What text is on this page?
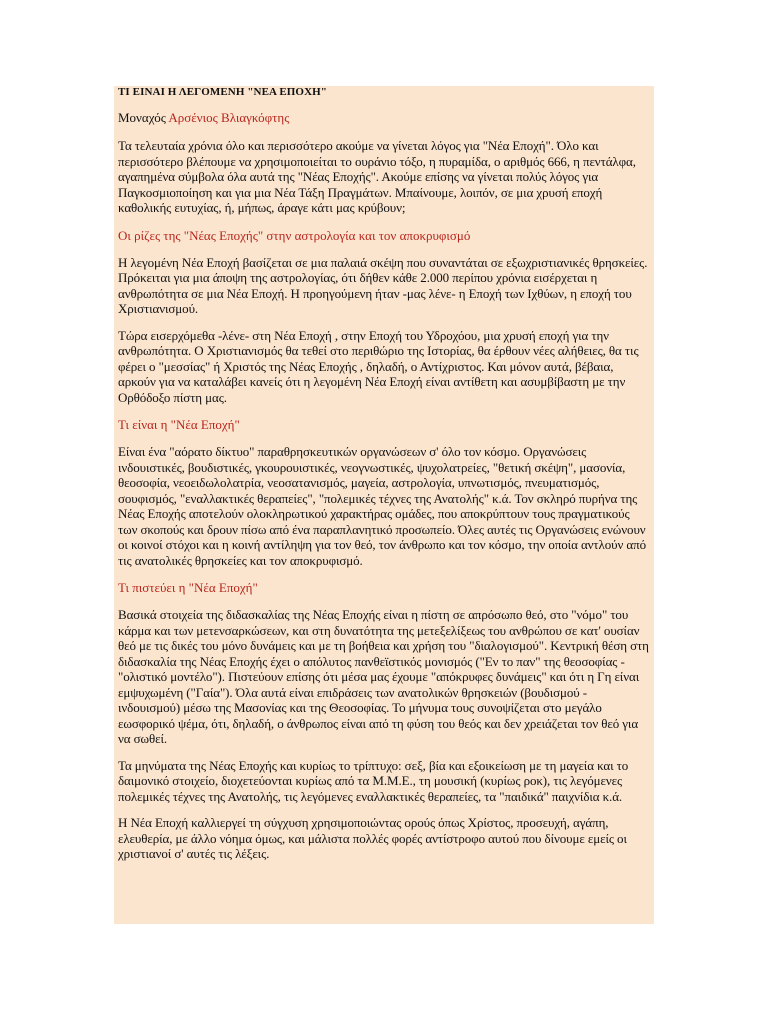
ΤΙ ΕΙΝΑΙ Η ΛΕΓΟΜΕΝΗ "ΝΕΑ ΕΠΟΧΗ"
Μοναχός Αρσένιος Βλιαγκόφτης

Τα τελευταία χρόνια όλο και περισσότερο ακούμε να γίνεται λόγος για "Νέα Εποχή". Όλο και περισσότερο βλέπουμε να χρησιμοποιείται το ουράνιο τόξο, η πυραμίδα, ο αριθμός 666, η πεντάλφα, αγαπημένα σύμβολα όλα αυτά της "Νέας Εποχής". Ακούμε επίσης να γίνεται πολύς λόγος για Παγκοσμιοποίηση και για μια Νέα Τάξη Πραγμάτων. Μπαίνουμε, λοιπόν, σε μια χρυσή εποχή καθολικής ευτυχίας, ή, μήπως, άραγε κάτι μας κρύβουν;

Οι ρίζες της "Νέας Εποχής" στην αστρολογία και τον αποκρυφισμό

Η λεγομένη Νέα Εποχή βασίζεται σε μια παλαιά σκέψη που συναντάται σε εξωχριστιανικές θρησκείες. Πρόκειται για μια άποψη της αστρολογίας, ότι δήθεν κάθε 2.000 περίπου χρόνια εισέρχεται η ανθρωπότητα σε μια Νέα Εποχή. Η προηγούμενη ήταν -μας λένε- η Εποχή των Ιχθύων, η εποχή του Χριστιανισμού.

Τώρα εισερχόμεθα -λένε- στη Νέα Εποχή , στην Εποχή του Υδροχόου, μια χρυσή εποχή για την ανθρωπότητα. Ο Χριστιανισμός θα τεθεί στο περιθώριο της Ιστορίας, θα έρθουν νέες αλήθειες, θα τις φέρει ο "μεσσίας" ή Χριστός της Νέας Εποχής , δηλαδή, ο Αντίχριστος. Και μόνον αυτά, βέβαια, αρκούν για να καταλάβει κανείς ότι η λεγομένη Νέα Εποχή είναι αντίθετη και ασυμβίβαστη με την Ορθόδοξο πίστη μας.

Τι είναι η "Νέα Εποχή"

Είναι ένα "αόρατο δίκτυο" παραθρησκευτικών οργανώσεων σ' όλο τον κόσμο. Οργανώσεις ινδουιστικές, βουδιστικές, γκουρουιστικές, νεογνωστικές, ψυχολατρείες, "θετική σκέψη", μασονία, θεοσοφία, νεοειδωλολατρία, νεοσατανισμός, μαγεία, αστρολογία, υπνωτισμός, πνευματισμός, σουφισμός, "εναλλακτικές θεραπείες", "πολεμικές τέχνες της Ανατολής" κ.ά. Τον σκληρό πυρήνα της Νέας Εποχής αποτελούν ολοκληρωτικού χαρακτήρας ομάδες, που αποκρύπτουν τους πραγματικούς των σκοπούς και δρουν πίσω από ένα παραπλανητικό προσωπείο. Όλες αυτές τις Οργανώσεις ενώνουν οι κοινοί στόχοι και η κοινή αντίληψη για τον θεό, τον άνθρωπο και τον κόσμο, την οποία αντλούν από τις ανατολικές θρησκείες και τον αποκρυφισμό.

Τι πιστεύει η "Νέα Εποχή"

Βασικά στοιχεία της διδασκαλίας της Νέας Εποχής είναι η πίστη σε απρόσωπο θεό, στο "νόμο" του κάρμα και των μετενσαρκώσεων, και στη δυνατότητα της μετεξελίξεως του ανθρώπου σε κατ' ουσίαν θεό με τις δικές του μόνο δυνάμεις και με τη βοήθεια και χρήση του "διαλογισμού". Κεντρική θέση στη διδασκαλία της Νέας Εποχής έχει ο απόλυτος πανθεϊστικός μονισμός ("Εν το παν" της θεοσοφίας - "ολιστικό μοντέλο"). Πιστεύουν επίσης ότι μέσα μας έχουμε "απόκρυφες δυνάμεις" και ότι η Γη είναι εμψυχωμένη ("Γαία"). Όλα αυτά είναι επιδράσεις των ανατολικών θρησκειών (βουδισμού - ινδουισμού) μέσω της Μασονίας και της Θεοσοφίας. Το μήνυμα τους συνοψίζεται στο μεγάλο εωσφορικό ψέμα, ότι, δηλαδή, ο άνθρωπος είναι από τη φύση του θεός και δεν χρειάζεται τον θεό για να σωθεί.

Τα μηνύματα της Νέας Εποχής και κυρίως το τρίπτυχο: σεξ, βία και εξοικείωση με τη μαγεία και το δαιμονικό στοιχείο, διοχετεύονται κυρίως από τα Μ.Μ.Ε., τη μουσική (κυρίως ροκ), τις λεγόμενες πολεμικές τέχνες της Ανατολής, τις λεγόμενες εναλλακτικές θεραπείες, τα "παιδικά" παιχνίδια κ.ά.

Η Νέα Εποχή καλλιεργεί τη σύγχυση χρησιμοποιώντας ορούς όπως Χρίστος, προσευχή, αγάπη, ελευθερία, με άλλο νόημα όμως, και μάλιστα πολλές φορές αντίστροφο αυτού που δίνουμε εμείς οι χριστιανοί σ' αυτές τις λέξεις.
